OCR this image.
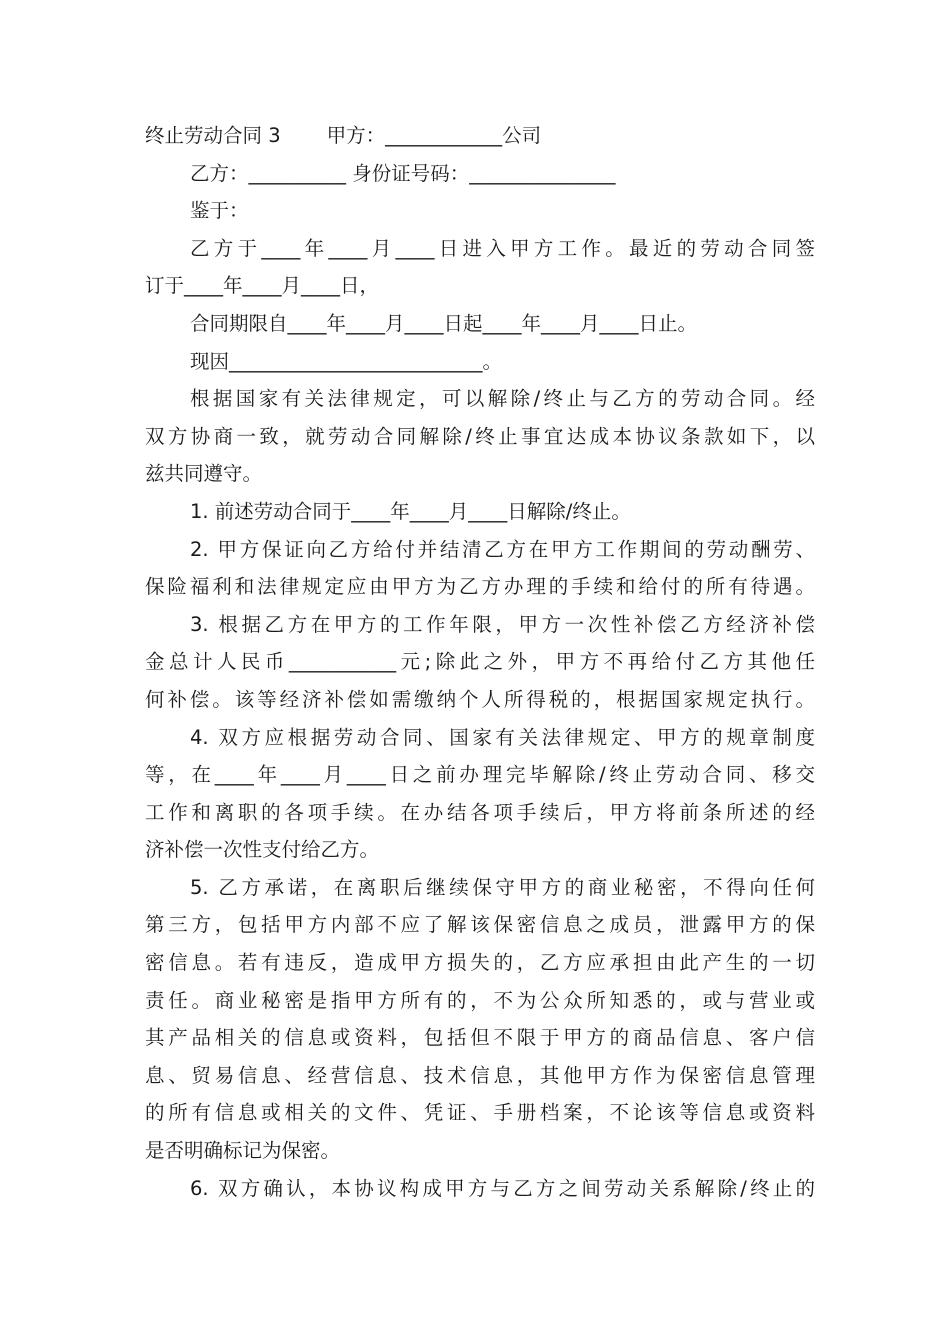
终止劳动合同 3 甲方：____________公司
乙方：__________ 身份证号码：_______________
鉴于：
乙方于____年____月____日进入甲方工作。最近的劳动合同签
订于____年____月____日，
合同期限自____年____月____日起____年____月____日止。
现因__________________________。
根据国家有关法律规定，可以解除/终止与乙方的劳动合同。经
双方协商一致，就劳动合同解除/终止事宜达成本协议条款如下，以
兹共同遵守。
1. 前述劳动合同于____年____月____日解除/终止。
2. 甲方保证向乙方给付并结清乙方在甲方工作期间的劳动酬劳、
保险福利和法律规定应由甲方为乙方办理的手续和给付的所有待遇。
3. 根据乙方在甲方的工作年限，甲方一次性补偿乙方经济补偿
金总计人民币___________元;除此之外，甲方不再给付乙方其他任
何补偿。该等经济补偿如需缴纳个人所得税的，根据国家规定执行。
4. 双方应根据劳动合同、国家有关法律规定、甲方的规章制度
等，在____年____月____日之前办理完毕解除/终止劳动合同、移交
工作和离职的各项手续。在办结各项手续后，甲方将前条所述的经
济补偿一次性支付给乙方。
5. 乙方承诺，在离职后继续保守甲方的商业秘密，不得向任何
第三方，包括甲方内部不应了解该保密信息之成员，泄露甲方的保
密信息。若有违反，造成甲方损失的，乙方应承担由此产生的一切
责任。商业秘密是指甲方所有的，不为公众所知悉的，或与营业或
其产品相关的信息或资料，包括但不限于甲方的商品信息、客户信
息、贸易信息、经营信息、技术信息，其他甲方作为保密信息管理
的所有信息或相关的文件、凭证、手册档案，不论该等信息或资料
是否明确标记为保密。
6. 双方确认，本协议构成甲方与乙方之间劳动关系解除/终止的
